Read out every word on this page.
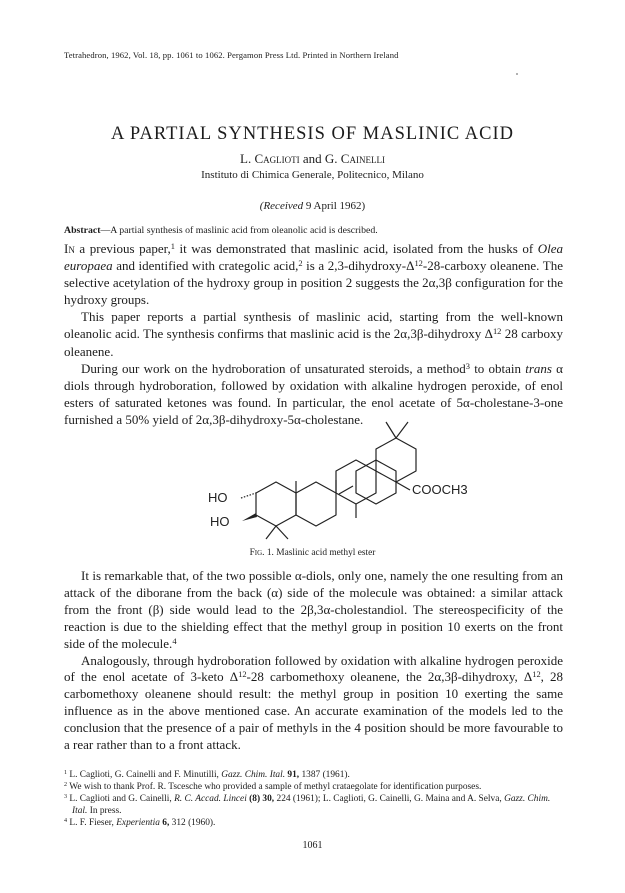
Tetrahedron, 1962, Vol. 18, pp. 1061 to 1062. Pergamon Press Ltd. Printed in Northern Ireland
A PARTIAL SYNTHESIS OF MASLINIC ACID
L. Caglioti and G. Cainelli
Instituto di Chimica Generale, Politecnico, Milano
(Received 9 April 1962)
Abstract—A partial synthesis of maslinic acid from oleanolic acid is described.

In a previous paper,$^1$ it was demonstrated that maslinic acid, isolated from the husks of Olea europaea and identified with crategolic acid,$^2$ is a $2,3-dihydroxy-\Delta^{12}-28$-carboxy oleanene. The selective acetylation of the hydroxy group in position 2 suggests the 2α,3β configuration for the hydroxy groups.

This paper reports a partial synthesis of maslinic acid, starting from the well-known oleanolic acid. The synthesis confirms that maslinic acid is the 2α,3β-dihydroxy $\Delta^{12}$ 28 carboxy oleanene.

During our work on the hydroboration of unsaturated steroids, a method$^3$ to obtain trans α diols through hydroboration, followed by oxidation with alkaline hydrogen peroxide, of enol esters of saturated ketones was found. In particular, the enol acetate of 5α-cholestane-3-one furnished a 50% yield of 2α,3β-dihydroxy-5α-cholestane.

HO
HO
COOCH3
Fig. 1. Maslinic acid methyl ester

It is remarkable that, of the two possible α-diols, only one, namely the one resulting from an attack of the diborane from the back (α) side of the molecule was obtained: a similar attack from the front (β) side would lead to the 2β,3α-cholestandiol. The stereospecificity of the reaction is due to the shielding effect that the methyl group in position 10 exerts on the front side of the molecule.$^4$

Analogously, through hydroboration followed by oxidation with alkaline hydrogen peroxide of the enol acetate of 3-keto $\Delta^{12}-28$ carbomethoxy oleanene, the 2α,3β-dihydroxy, $\Delta^{12}$, 28 carbomethoxy oleanene should result: the methyl group in position 10 exerting the same influence as in the above mentioned case. An accurate examination of the models led to the conclusion that the presence of a pair of methyls in the 4 position should be more favourable to a rear rather than to a front attack.

$^1$ L. Caglioti, G. Cainelli and F. Minutilli, Gazz. Chim. Ital. 91, 1387 (1961).
$^2$ We wish to thank Prof. R. Tscesche who provided a sample of methyl crataegolate for identification purposes.
$^3$ L. Caglioti and G. Cainelli, R. C. Accad. Lincei (8) 30, 224 (1961); L. Caglioti, G. Cainelli, G. Maina and A. Selva, Gazz. Chim. Ital. In press.
$^4$ L. F. Fieser, Experientia 6, 312 (1960).
1061
